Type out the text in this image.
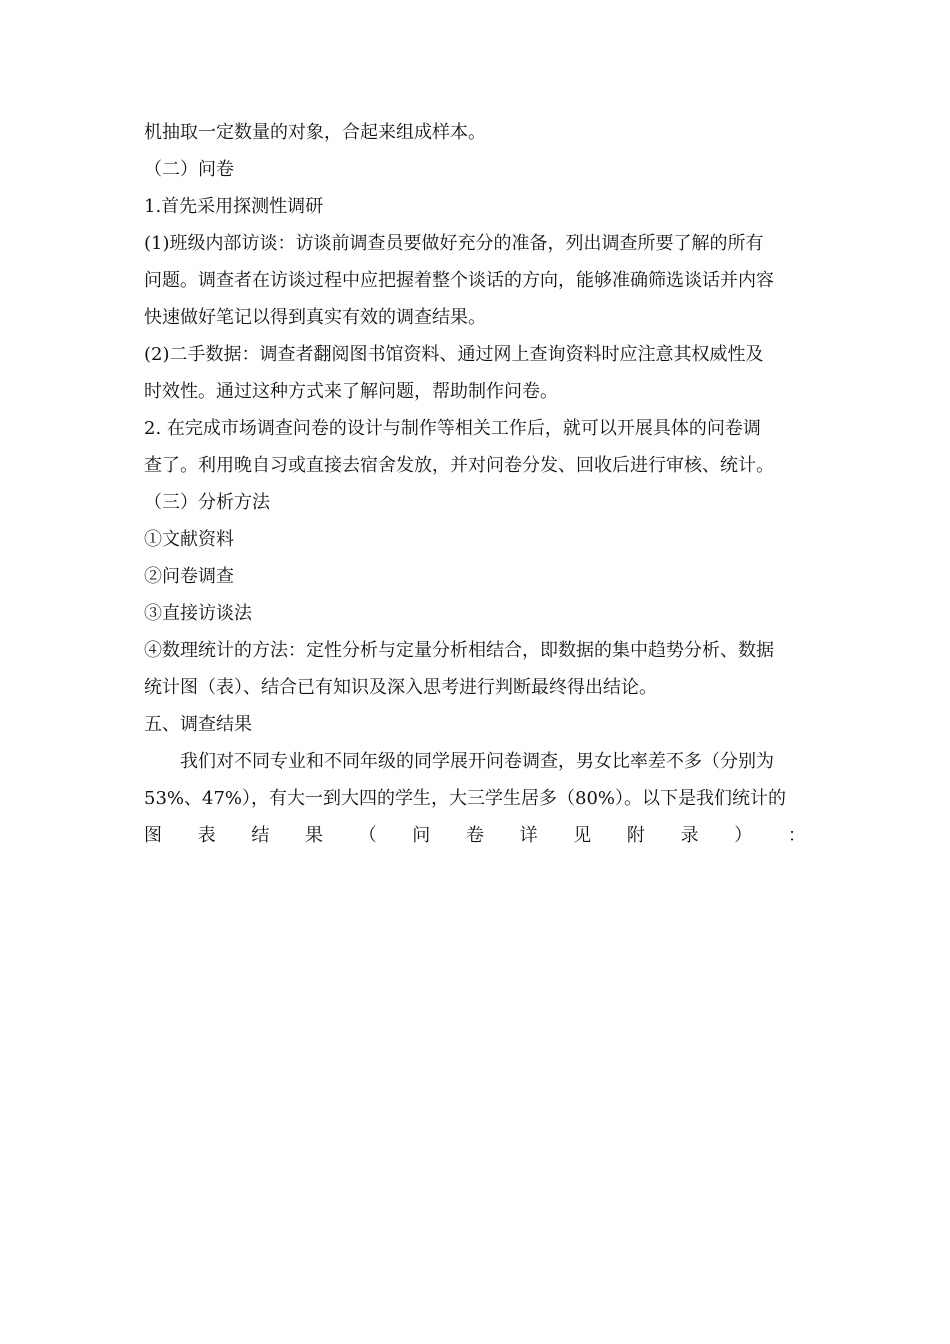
机抽取一定数量的对象，合起来组成样本。
（二）问卷
1.首先采用探测性调研
(1)班级内部访谈：访谈前调查员要做好充分的准备，列出调查所要了解的所有
问题。调查者在访谈过程中应把握着整个谈话的方向，能够准确筛选谈话并内容
快速做好笔记以得到真实有效的调查结果。
(2)二手数据：调查者翻阅图书馆资料、通过网上查询资料时应注意其权威性及
时效性。通过这种方式来了解问题，帮助制作问卷。
2. 在完成市场调查问卷的设计与制作等相关工作后，就可以开展具体的问卷调
查了。利用晚自习或直接去宿舍发放，并对问卷分发、回收后进行审核、统计。
（三）分析方法
①文献资料
②问卷调查
③直接访谈法
④数理统计的方法：定性分析与定量分析相结合，即数据的集中趋势分析、数据
统计图（表）、结合已有知识及深入思考进行判断最终得出结论。
五、调查结果
我们对不同专业和不同年级的同学展开问卷调查，男女比率差不多（分别为
53%、47%），有大一到大四的学生，大三学生居多（80%）。以下是我们统计的
图 表 结 果 （ 问 卷 详 见 附 录 ） ：
